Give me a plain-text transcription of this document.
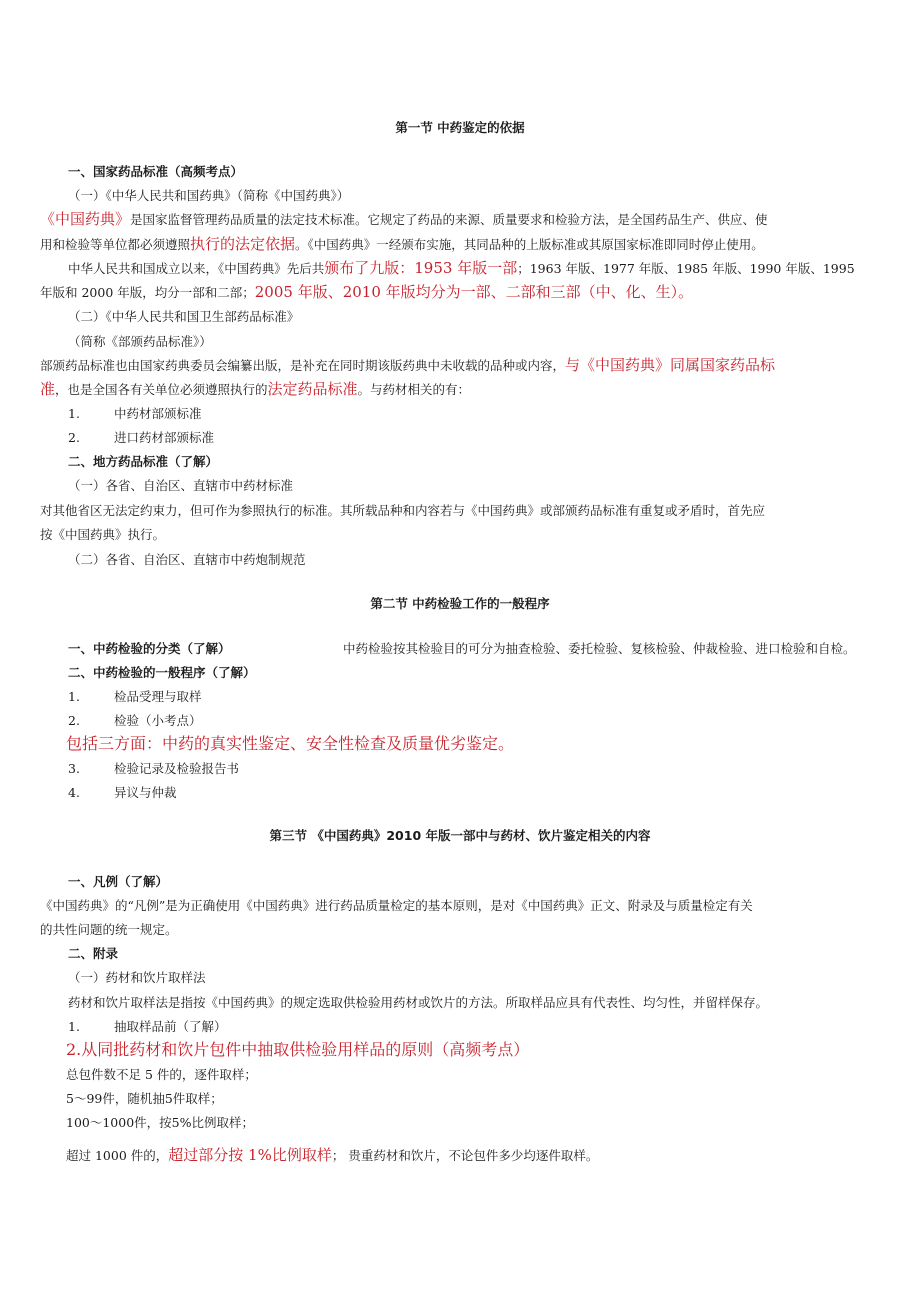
第一节 中药鉴定的依据
一、国家药品标准（高频考点）
（一）《中华人民共和国药典》（简称《中国药典》）
《中国药典》是国家监督管理药品质量的法定技术标准。它规定了药品的来源、质量要求和检验方法，是全国药品生产、供应、使
用和检验等单位都必须遵照执行的法定依据。《中国药典》一经颁布实施，其同品种的上版标准或其原国家标准即同时停止使用。
中华人民共和国成立以来，《中国药典》先后共颁布了九版：1953 年版一部；1963 年版、1977 年版、1985 年版、1990 年版、1995
年版和 2000 年版，均分一部和二部；2005 年版、2010 年版均分为一部、二部和三部（中、化、生）。
（二）《中华人民共和国卫生部药品标准》
（简称《部颁药品标准》）
部颁药品标准也由国家药典委员会编纂出版，是补充在同时期该版药典中未收载的品种或内容，与《中国药典》同属国家药品标
准，也是全国各有关单位必须遵照执行的法定药品标准。与药材相关的有：
1.	中药材部颁标准
2.	进口药材部颁标准
二、地方药品标准（了解）
（一）各省、自治区、直辖市中药材标准
对其他省区无法定约束力，但可作为参照执行的标准。其所载品种和内容若与《中国药典》或部颁药品标准有重复或矛盾时，首先应
按《中国药典》执行。
（二）各省、自治区、直辖市中药炮制规范
第二节 中药检验工作的一般程序
一、中药检验的分类（了解）	中药检验按其检验目的可分为抽查检验、委托检验、复核检验、仲裁检验、进口检验和自检。
二、中药检验的一般程序（了解）
1.	检品受理与取样
2.	检验（小考点）
包括三方面：中药的真实性鉴定、安全性检查及质量优劣鉴定。
3.	检验记录及检验报告书
4.	异议与仲裁
第三节 《中国药典》2010 年版一部中与药材、饮片鉴定相关的内容
一、凡例（了解）
《中国药典》的“凡例”是为正确使用《中国药典》进行药品质量检定的基本原则，是对《中国药典》正文、附录及与质量检定有关
的共性问题的统一规定。
二、附录
（一）药材和饮片取样法
药材和饮片取样法是指按《中国药典》的规定选取供检验用药材或饮片的方法。所取样品应具有代表性、均匀性，并留样保存。
1.	抽取样品前（了解）
2.从同批药材和饮片包件中抽取供检验用样品的原则（高频考点）
总包件数不足 5 件的，逐件取样；
5～99件，随机抽5件取样；
100～1000件，按5%比例取样；
超过 1000 件的，超过部分按 1%比例取样； 贵重药材和饮片，不论包件多少均逐件取样。
